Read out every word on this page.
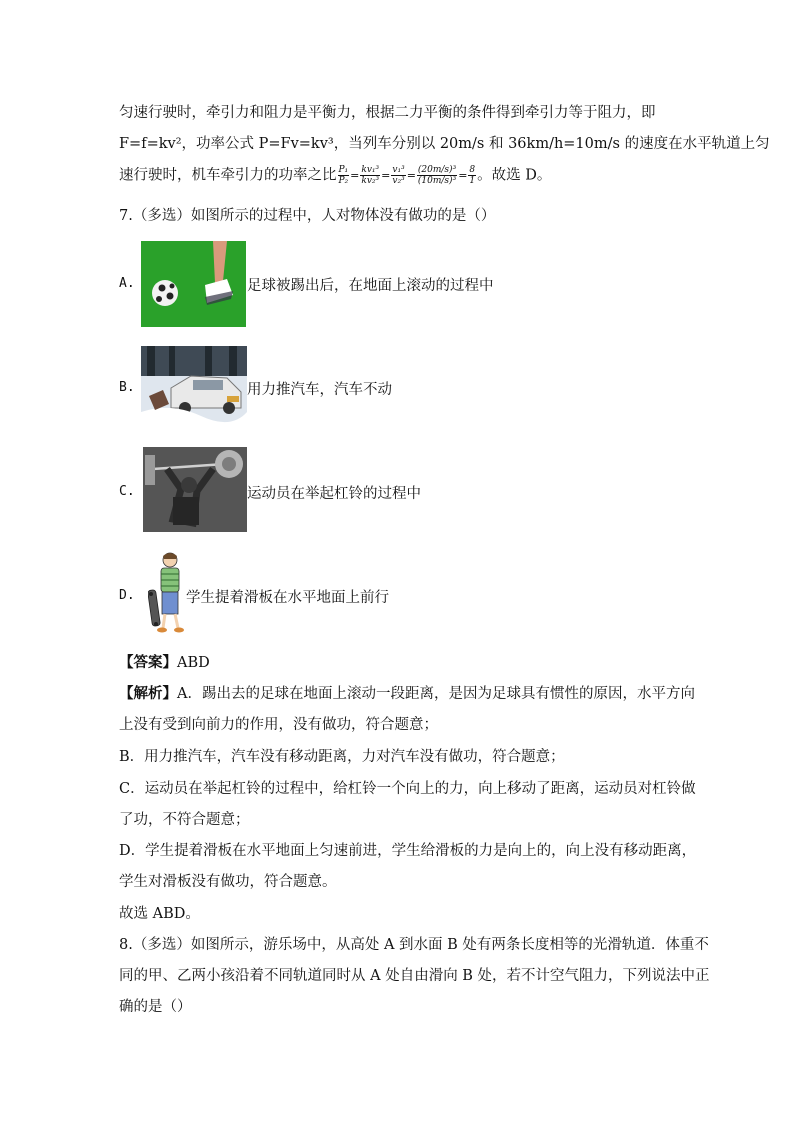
匀速行驶时，牵引力和阻力是平衡力，根据二力平衡的条件得到牵引力等于阻力，即
F=f=kv²，功率公式 P=Fv=kv³，当列车分别以 20m/s 和 36km/h=10m/s 的速度在水平轨道上匀
速行驶时，机车牵引力的功率之比 $\frac{\text{P₁}}{\text{P₂}} = \frac{\text{kv₁³}}{\text{kv₂³}} = \frac{\text{v₁³}}{\text{v₂³}} = \frac{\text{(20m/s)³}}{\text{(10m/s)³}} = \frac{8}{1}$ 。故选 D。
7.（多选）如图所示的过程中，人对物体没有做功的是（）
A.	足球被踢出后，在地面上滚动的过程中
B.	用力推汽车，汽车不动
C.	运动员在举起杠铃的过程中
D.	学生提着滑板在水平地面上前行
【答案】ABD
【解析】A．踢出去的足球在地面上滚动一段距离，是因为足球具有惯性的原因，水平方向
上没有受到向前力的作用，没有做功，符合题意；
B．用力推汽车，汽车没有移动距离，力对汽车没有做功，符合题意；
C．运动员在举起杠铃的过程中，给杠铃一个向上的力，向上移动了距离，运动员对杠铃做
了功，不符合题意；
D．学生提着滑板在水平地面上匀速前进，学生给滑板的力是向上的，向上没有移动距离，
学生对滑板没有做功，符合题意。
故选 ABD。
8.（多选）如图所示，游乐场中，从高处 A 到水面 B 处有两条长度相等的光滑轨道．体重不
同的甲、乙两小孩沿着不同轨道同时从 A 处自由滑向 B 处，若不计空气阻力，下列说法中正
确的是（）
